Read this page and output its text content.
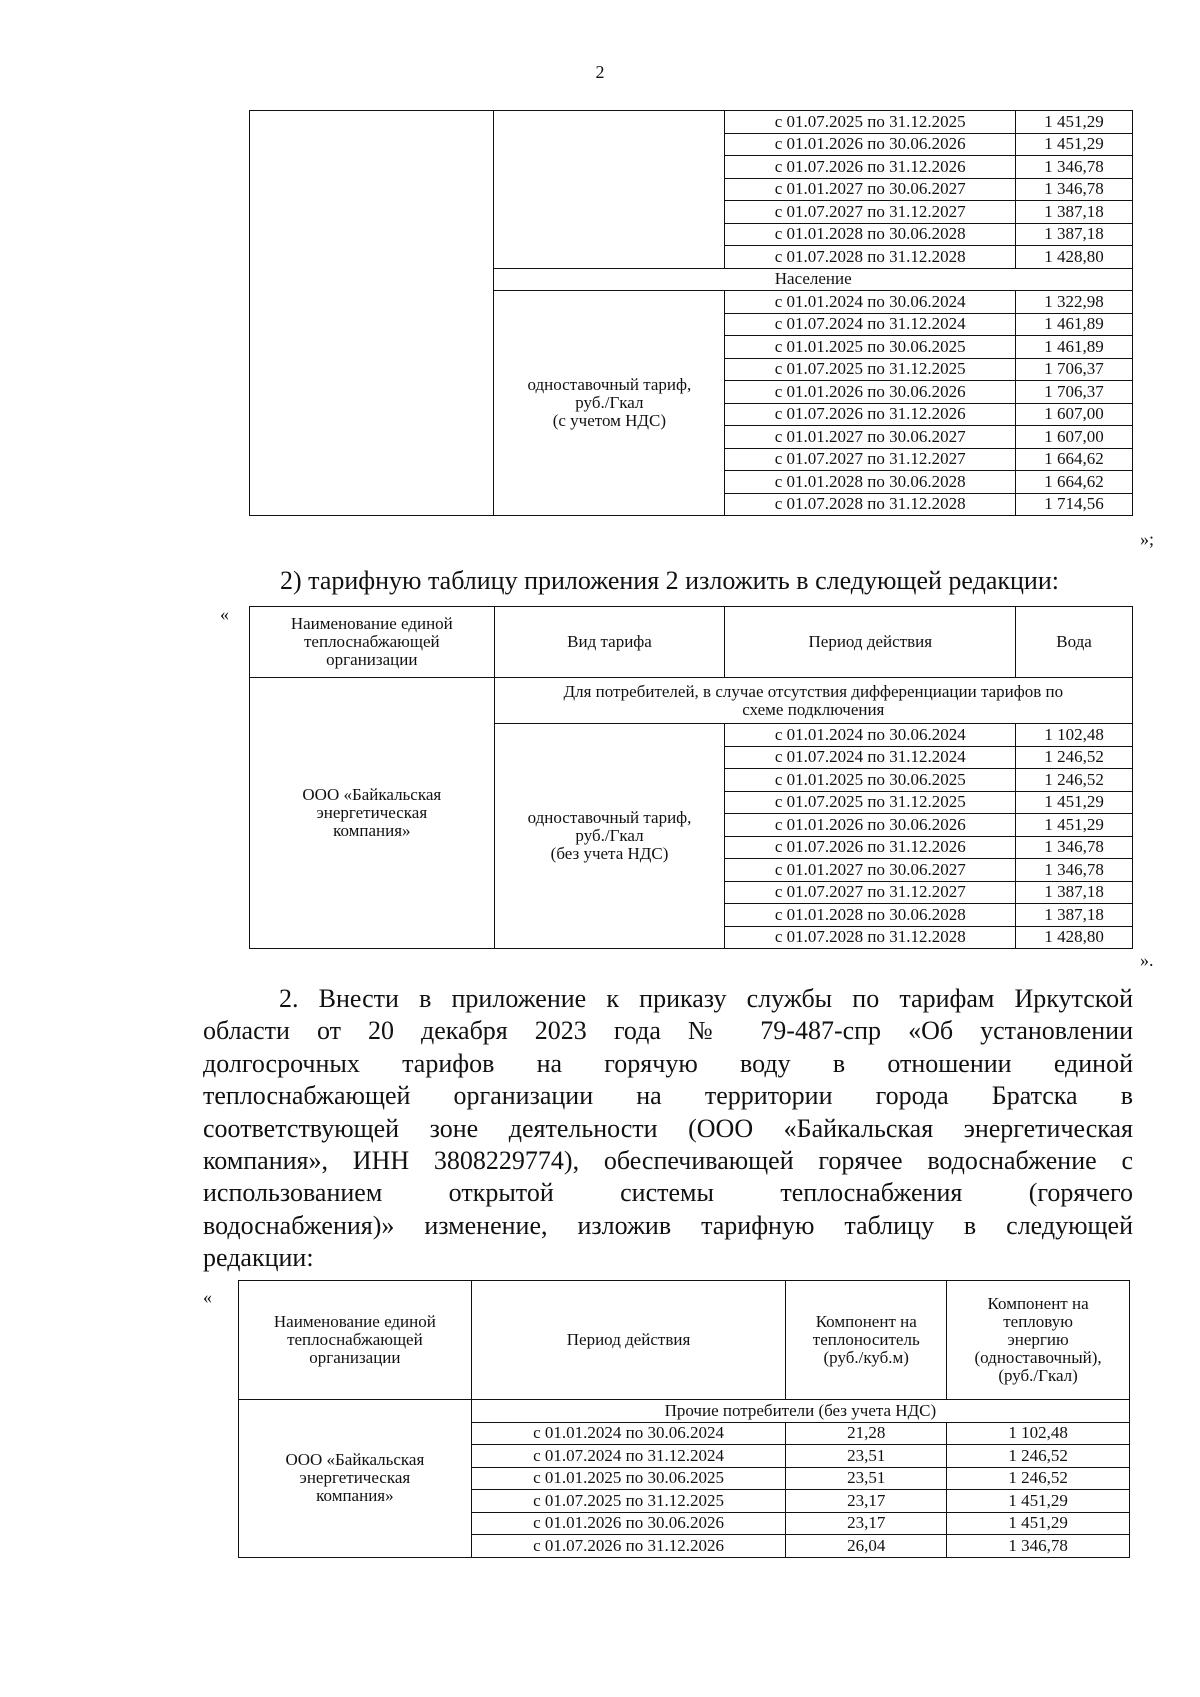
2
		с 01.07.2025 по 31.12.2025	1 451,29
		с 01.01.2026 по 30.06.2026	1 451,29
		с 01.07.2026 по 31.12.2026	1 346,78
		с 01.01.2027 по 30.06.2027	1 346,78
		с 01.07.2027 по 31.12.2027	1 387,18
		с 01.01.2028 по 30.06.2028	1 387,18
		с 01.07.2028 по 31.12.2028	1 428,80
	Население		

	одноставочный тариф,
руб./Гкал
(с учетом НДС)	с 01.01.2024 по 30.06.2024	1 322,98
		с 01.07.2024 по 31.12.2024	1 461,89
		с 01.01.2025 по 30.06.2025	1 461,89
		с 01.07.2025 по 31.12.2025	1 706,37
		с 01.01.2026 по 30.06.2026	1 706,37
		с 01.07.2026 по 31.12.2026	1 607,00
		с 01.01.2027 по 30.06.2027	1 607,00
		с 01.07.2027 по 31.12.2027	1 664,62
		с 01.01.2028 по 30.06.2028	1 664,62
		с 01.07.2028 по 31.12.2028	1 714,56
»;
2) тарифную таблицу приложения 2 изложить в следующей редакции:
«	Наименование единой
теплоснабжающей
организации	Вид тарифа	Период действия	Вода

ООО «Байкальская
энергетическая
компания»	Для потребителей, в случае отсутствия дифференциации тарифов по
схеме подключения		

	одноставочный тариф,
руб./Гкал
(без учета НДС)	с 01.01.2024 по 30.06.2024	1 102,48
		с 01.07.2024 по 31.12.2024	1 246,52
		с 01.01.2025 по 30.06.2025	1 246,52
		с 01.07.2025 по 31.12.2025	1 451,29
		с 01.01.2026 по 30.06.2026	1 451,29
		с 01.07.2026 по 31.12.2026	1 346,78
		с 01.01.2027 по 30.06.2027	1 346,78
		с 01.07.2027 по 31.12.2027	1 387,18
		с 01.01.2028 по 30.06.2028	1 387,18
		с 01.07.2028 по 31.12.2028	1 428,80
».
2. Внести в приложение к приказу службы по тарифам Иркутской
области от 20 декабря 2023 года № 79-487-спр «Об установлении
долгосрочных тарифов на горячую воду в отношении единой
теплоснабжающей организации на территории города Братска в
соответствующей зоне деятельности (ООО «Байкальская энергетическая
компания», ИНН 3808229774), обеспечивающей горячее водоснабжение с
использованием открытой системы теплоснабжения (горячего
водоснабжения)» изменение, изложив тарифную таблицу в следующей
редакции:
«
Наименование единой
теплоснабжающей
организации	Период действия	Компонент на
теплоноситель
(руб./куб.м)	Компонент на
тепловую
энергию
(одноставочный),
(руб./Гкал)

ООО «Байкальская
энергетическая
компания»	Прочие потребители (без учета НДС)		
	с 01.01.2024 по 30.06.2024	21,28	1 102,48
	с 01.07.2024 по 31.12.2024	23,51	1 246,52
	с 01.01.2025 по 30.06.2025	23,51	1 246,52
	с 01.07.2025 по 31.12.2025	23,17	1 451,29
	с 01.01.2026 по 30.06.2026	23,17	1 451,29
	с 01.07.2026 по 31.12.2026	26,04	1 346,78
